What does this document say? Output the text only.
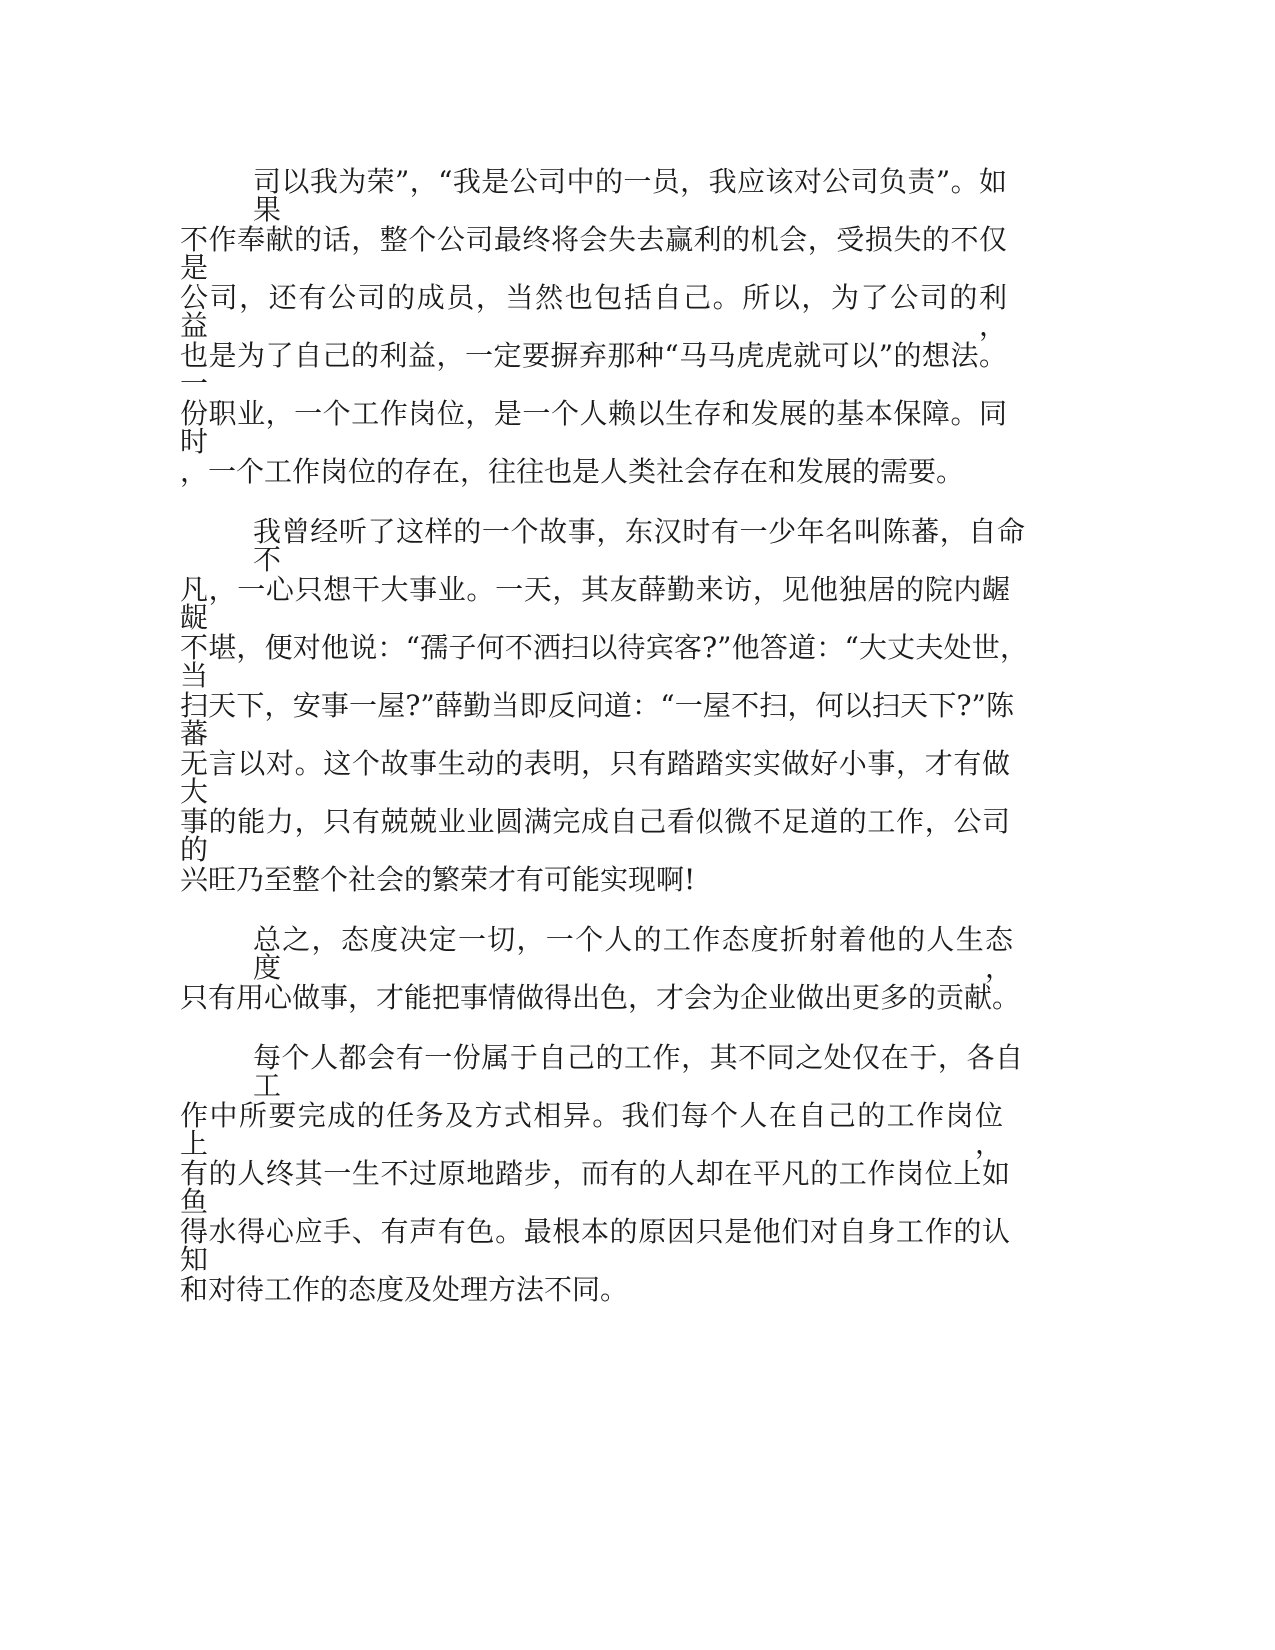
司以我为荣”，“我是公司中的一员，我应该对公司负责”。如果
不作奉献的话，整个公司最终将会失去赢利的机会，受损失的不仅是
公司，还有公司的成员，当然也包括自己。所以，为了公司的利益，
也是为了自己的利益，一定要摒弃那种“马马虎虎就可以”的想法。一
份职业，一个工作岗位，是一个人赖以生存和发展的基本保障。同时
，一个工作岗位的存在，往往也是人类社会存在和发展的需要。
我曾经听了这样的一个故事，东汉时有一少年名叫陈蕃，自命不
凡，一心只想干大事业。一天，其友薛勤来访，见他独居的院内龌龊
不堪，便对他说：“孺子何不洒扫以待宾客?”他答道：“大丈夫处世，当
扫天下，安事一屋?”薛勤当即反问道：“一屋不扫，何以扫天下?”陈蕃
无言以对。这个故事生动的表明，只有踏踏实实做好小事，才有做大
事的能力，只有兢兢业业圆满完成自己看似微不足道的工作，公司的
兴旺乃至整个社会的繁荣才有可能实现啊!
总之，态度决定一切，一个人的工作态度折射着他的人生态度，
只有用心做事，才能把事情做得出色，才会为企业做出更多的贡献。
每个人都会有一份属于自己的工作，其不同之处仅在于，各自工
作中所要完成的任务及方式相异。我们每个人在自己的工作岗位上，
有的人终其一生不过原地踏步，而有的人却在平凡的工作岗位上如鱼
得水得心应手、有声有色。最根本的原因只是他们对自身工作的认知
和对待工作的态度及处理方法不同。
